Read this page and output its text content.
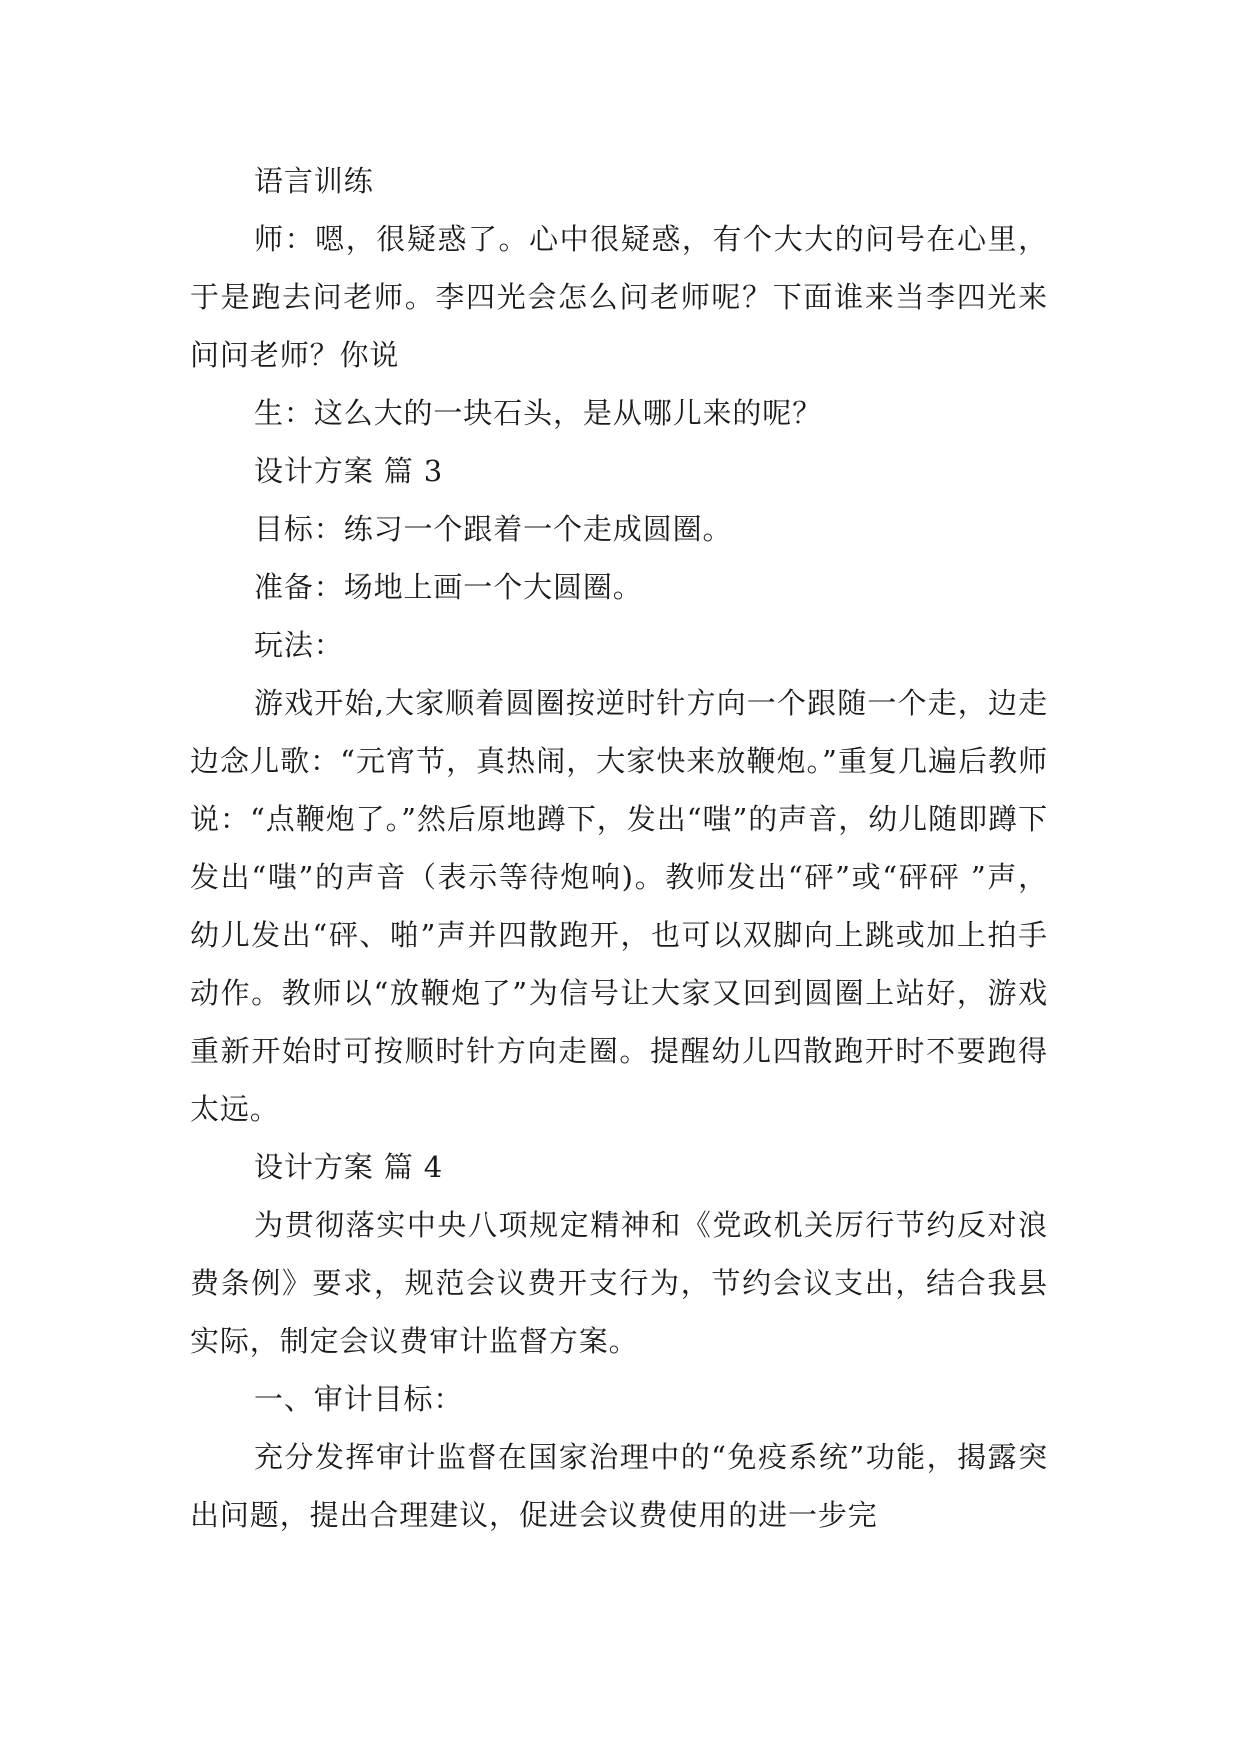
语言训练

师：嗯，很疑惑了。心中很疑惑，有个大大的问号在心里，于是跑去问老师。李四光会怎么问老师呢？下面谁来当李四光来问问老师？你说

生：这么大的一块石头，是从哪儿来的呢？

设计方案 篇 3

目标：练习一个跟着一个走成圆圈。

准备：场地上画一个大圆圈。

玩法：

游戏开始,大家顺着圆圈按逆时针方向一个跟随一个走，边走边念儿歌：“元宵节，真热闹，大家快来放鞭炮。”重复几遍后教师说：“点鞭炮了。”然后原地蹲下，发出“嗤”的声音，幼儿随即蹲下发出“嗤”的声音（表示等待炮响)。教师发出“砰”或“砰砰 ”声，幼儿发出“砰、啪”声并四散跑开，也可以双脚向上跳或加上拍手动作。教师以“放鞭炮了”为信号让大家又回到圆圈上站好，游戏重新开始时可按顺时针方向走圈。提醒幼儿四散跑开时不要跑得太远。

设计方案 篇 4

为贯彻落实中央八项规定精神和《党政机关厉行节约反对浪费条例》要求，规范会议费开支行为，节约会议支出，结合我县实际，制定会议费审计监督方案。

一、审计目标：

充分发挥审计监督在国家治理中的“免疫系统”功能，揭露突出问题，提出合理建议，促进会议费使用的进一步完
